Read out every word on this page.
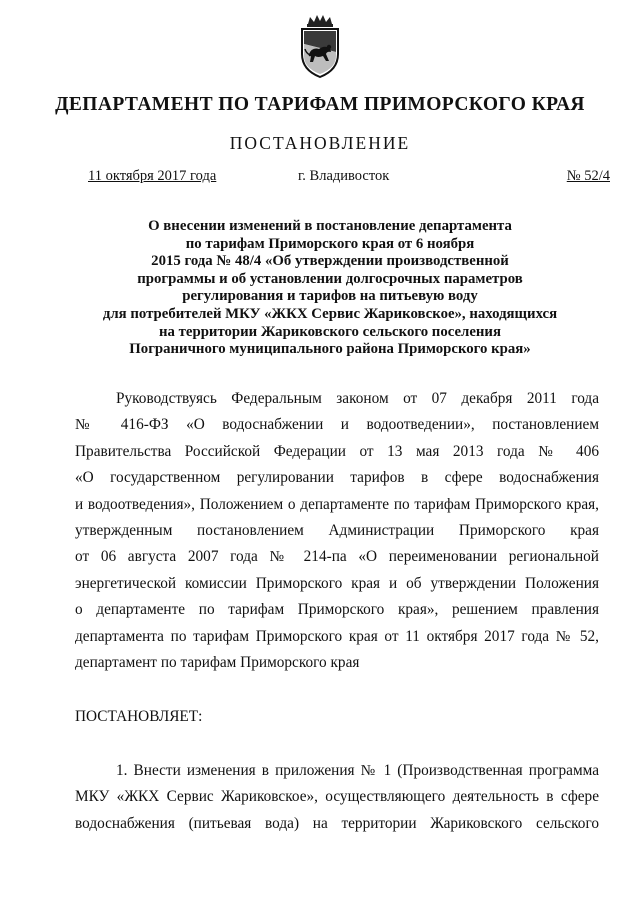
ДЕПАРТАМЕНТ ПО ТАРИФАМ ПРИМОРСКОГО КРАЯ
ПОСТАНОВЛЕНИЕ
11 октября 2017 года	г. Владивосток	№ 52/4
О внесении изменений в постановление департамента
по тарифам Приморского края от 6 ноября
2015 года № 48/4 «Об утверждении производственной
программы и об установлении долгосрочных параметров
регулирования и тарифов на питьевую воду
для потребителей МКУ «ЖКХ Сервис Жариковское», находящихся
на территории Жариковского сельского поселения
Пограничного муниципального района Приморского края»
Руководствуясь Федеральным законом от 07 декабря 2011 года
№ 416-ФЗ «О водоснабжении и водоотведении», постановлением
Правительства Российской Федерации от 13 мая 2013 года № 406
«О государственном регулировании тарифов в сфере водоснабжения
и водоотведения», Положением о департаменте по тарифам Приморского края,
утвержденным постановлением Администрации Приморского края
от 06 августа 2007 года № 214-па «О переименовании региональной
энергетической комиссии Приморского края и об утверждении Положения
о департаменте по тарифам Приморского края», решением правления
департамента по тарифам Приморского края от 11 октября 2017 года № 52,
департамент по тарифам Приморского края
ПОСТАНОВЛЯЕТ:
1. Внести изменения в приложения № 1 (Производственная программа
МКУ «ЖКХ Сервис Жариковское», осуществляющего деятельность в сфере
водоснабжения (питьевая вода) на территории Жариковского сельского
